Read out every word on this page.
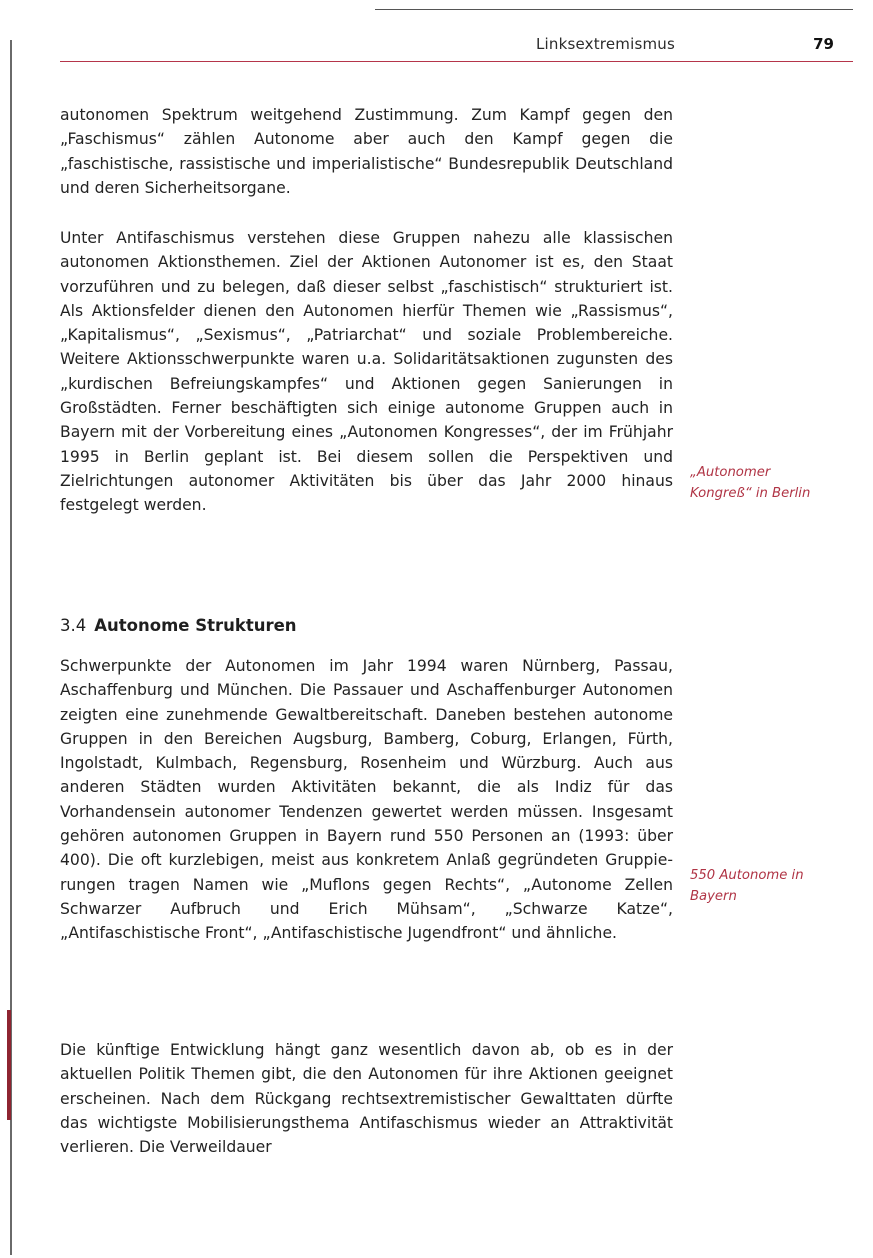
Linksextremismus	79

autonomen Spektrum weitgehend Zustimmung. Zum Kampf gegen den „Faschismus“ zählen Autonome aber auch den Kampf gegen die „faschistische, rassistische und imperialistische“ Bundesrepublik Deutschland und deren Sicherheitsorgane.

Unter Antifaschismus verstehen diese Gruppen nahezu alle klassischen autonomen Aktionsthemen. Ziel der Aktionen Autonomer ist es, den Staat vorzuführen und zu belegen, daß dieser selbst „faschistisch“ strukturiert ist. Als Aktionsfelder dienen den Autonomen hierfür Themen wie „Rassismus“, „Kapitalismus“, „Sexismus“, „Patriarchat“ und soziale Problembereiche. Weitere Aktionsschwerpunkte waren u.a. Solidaritätsaktionen zugunsten des „kurdischen Befreiungskampfes“ und Aktionen gegen Sanierungen in Großstädten. Ferner beschäftigten sich einige autonome Gruppen auch in Bayern mit der Vorbereitung eines „Autonomen Kongresses“, der im Frühjahr 1995 in Berlin geplant ist. Bei diesem sollen die Perspektiven und Zielrichtungen autonomer Aktivitäten bis über das Jahr 2000 hinaus festgelegt werden.

3.4 Autonome Strukturen

Schwerpunkte der Autonomen im Jahr 1994 waren Nürnberg, Passau, Aschaffenburg und München. Die Passauer und Aschaffenburger Autonomen zeigten eine zunehmende Gewaltbereitschaft. Daneben bestehen autonome Gruppen in den Bereichen Augsburg, Bamberg, Coburg, Erlangen, Fürth, Ingolstadt, Kulmbach, Regensburg, Rosenheim und Würzburg. Auch aus anderen Städten wurden Aktivitäten bekannt, die als Indiz für das Vorhandensein autonomer Tendenzen gewertet werden müssen. Insgesamt gehören autonomen Gruppen in Bayern rund 550 Personen an (1993: über 400). Die oft kurzlebigen, meist aus konkretem Anlaß gegründeten Gruppierungen tragen Namen wie „Muflons gegen Rechts“, „Autonome Zellen Schwarzer Aufbruch und Erich Mühsam“, „Schwarze Katze“, „Antifaschistische Front“, „Antifaschistische Jugendfront“ und ähnliche.

Die künftige Entwicklung hängt ganz wesentlich davon ab, ob es in der aktuellen Politik Themen gibt, die den Autonomen für ihre Aktionen geeignet erscheinen. Nach dem Rückgang rechtsextremistischer Gewalttaten dürfte das wichtigste Mobilisierungsthema Antifaschismus wieder an Attraktivität verlieren. Die Verweildauer

„Autonomer Kongreß“ in Berlin

550 Autonome in Bayern
